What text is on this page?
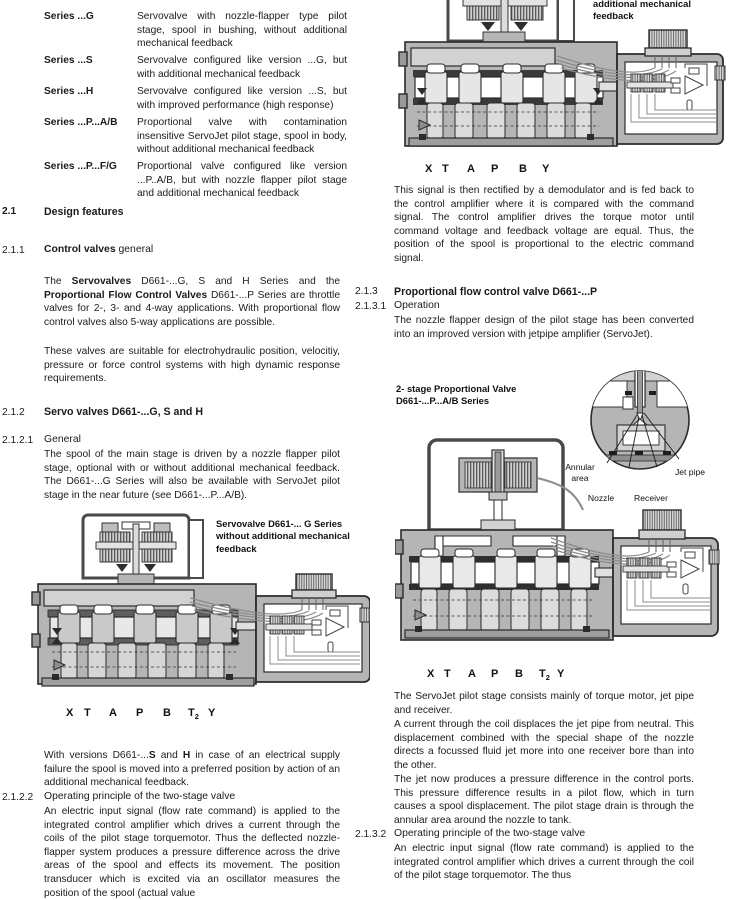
Series ...G	Servovalve with nozzle-flapper type pilot stage, spool in bushing, without additional mechanical feedback
Series ...S	Servovalve configured like version ...G, but with additional mechanical feedback
Series ...H	Servovalve configured like version ...S, but with improved performance (high response)
Series ...P...A/B	Proportional valve with contamination insensitive ServoJet pilot stage, spool in body, without additional mechanical feedback
Series ...P...F/G	Proportional valve configured like version ...P..A/B, but with nozzle flapper pilot stage and additional mechanical feedback
2.1	Design features
2.1.1 Control valves general
The Servovalves D661-...G, S and H Series and the Proportional Flow Control Valves D661-...P Series are throttle valves for 2-, 3- and 4-way applications. With proportional flow control valves also 5-way applications are possible.
These valves are suitable for electrohydraulic position, velocitiy, pressure or force control systems with high dynamic response requirements.
2.1.2 Servo valves D661-...G, S and H
2.1.2.1 General
The spool of the main stage is driven by a nozzle flapper pilot stage, optional with or without additional mechanical feedback. The D661-...G Series will also be available with ServoJet pilot stage in the near future (see D661-...P...A/B).
Servovalve D661-... G Series without additional mechanical feedback
X T A P B $T_2$ Y
With versions D661-...S and H in case of an electrical supply failure the spool is moved into a preferred position by action of an additional mechanical feedback.
2.1.2.2 Operating principle of the two-stage valve
An electric input signal (flow rate command) is applied to the integrated control amplifier which drives a current through the coils of the pilot stage torquemotor. Thus the deflected nozzle-flapper system produces a pressure difference across the drive areas of the spool and effects its movement. The position transducer which is excited via an oscillator measures the position of the spool (actual value
additional mechanical feedback
X T A P B Y
This signal is then rectified by a demodulator and is fed back to the control amplifier where it is compared with the command signal. The control amplifier drives the torque motor until command voltage and feedback voltage are equal. Thus, the position of the spool is proportional to the electric command signal.
2.1.3 Proportional flow control valve D661-...P
2.1.3.1 Operation
The nozzle flapper design of the pilot stage has been converted into an improved version with jetpipe amplifier (ServoJet).
2- stage Proportional Valve
D661-...P...A/B Series
Annular
area
Nozzle	Receiver
Jet pipe
X T A P B $T_2$ Y
The ServoJet pilot stage consists mainly of torque motor, jet pipe and receiver.
A current through the coil displaces the jet pipe from neutral. This displacement combined with the special shape of the nozzle directs a focussed fluid jet more into one receiver bore than into the other.
The jet now produces a pressure difference in the control ports. This pressure difference results in a pilot flow, which in turn causes a spool displacement. The pilot stage drain is through the annular area around the nozzle to tank.
2.1.3.2 Operating principle of the two-stage valve
An electric input signal (flow rate command) is applied to the integrated control amplifier which drives a current through the coil of the pilot stage torquemotor. The thus
